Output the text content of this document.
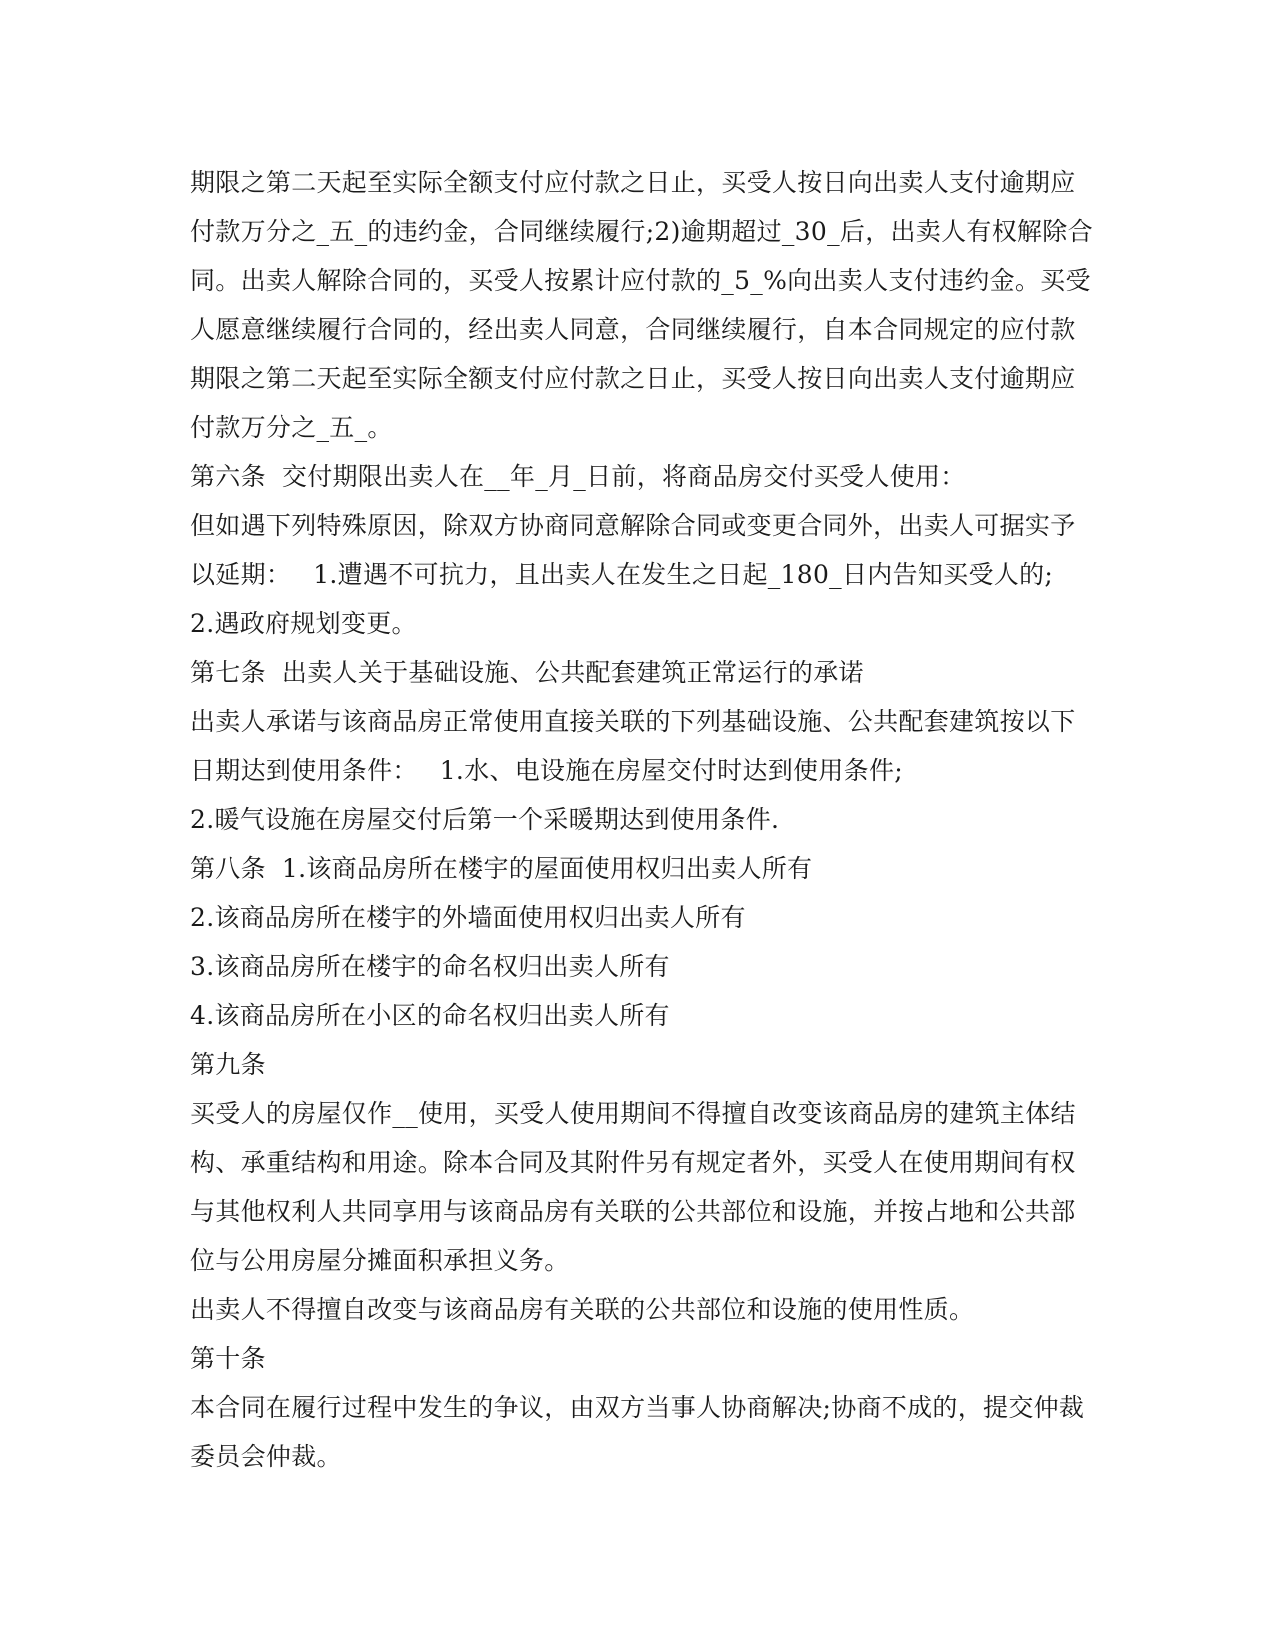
期限之第二天起至实际全额支付应付款之日止，买受人按日向出卖人支付逾期应
付款万分之_五_的违约金，合同继续履行;2)逾期超过_30_后，出卖人有权解除合
同。出卖人解除合同的，买受人按累计应付款的_5_%向出卖人支付违约金。买受
人愿意继续履行合同的，经出卖人同意，合同继续履行，自本合同规定的应付款
期限之第二天起至实际全额支付应付款之日止，买受人按日向出卖人支付逾期应
付款万分之_五_。
第六条 交付期限出卖人在__年_月_日前，将商品房交付买受人使用：
但如遇下列特殊原因，除双方协商同意解除合同或变更合同外，出卖人可据实予
以延期： 1.遭遇不可抗力，且出卖人在发生之日起_180_日内告知买受人的;
2.遇政府规划变更。
第七条 出卖人关于基础设施、公共配套建筑正常运行的承诺
出卖人承诺与该商品房正常使用直接关联的下列基础设施、公共配套建筑按以下
日期达到使用条件： 1.水、电设施在房屋交付时达到使用条件;
2.暖气设施在房屋交付后第一个采暖期达到使用条件.
第八条 1.该商品房所在楼宇的屋面使用权归出卖人所有
2.该商品房所在楼宇的外墙面使用权归出卖人所有
3.该商品房所在楼宇的命名权归出卖人所有
4.该商品房所在小区的命名权归出卖人所有
第九条
买受人的房屋仅作__使用，买受人使用期间不得擅自改变该商品房的建筑主体结
构、承重结构和用途。除本合同及其附件另有规定者外，买受人在使用期间有权
与其他权利人共同享用与该商品房有关联的公共部位和设施，并按占地和公共部
位与公用房屋分摊面积承担义务。
出卖人不得擅自改变与该商品房有关联的公共部位和设施的使用性质。
第十条
本合同在履行过程中发生的争议，由双方当事人协商解决;协商不成的，提交仲裁
委员会仲裁。
